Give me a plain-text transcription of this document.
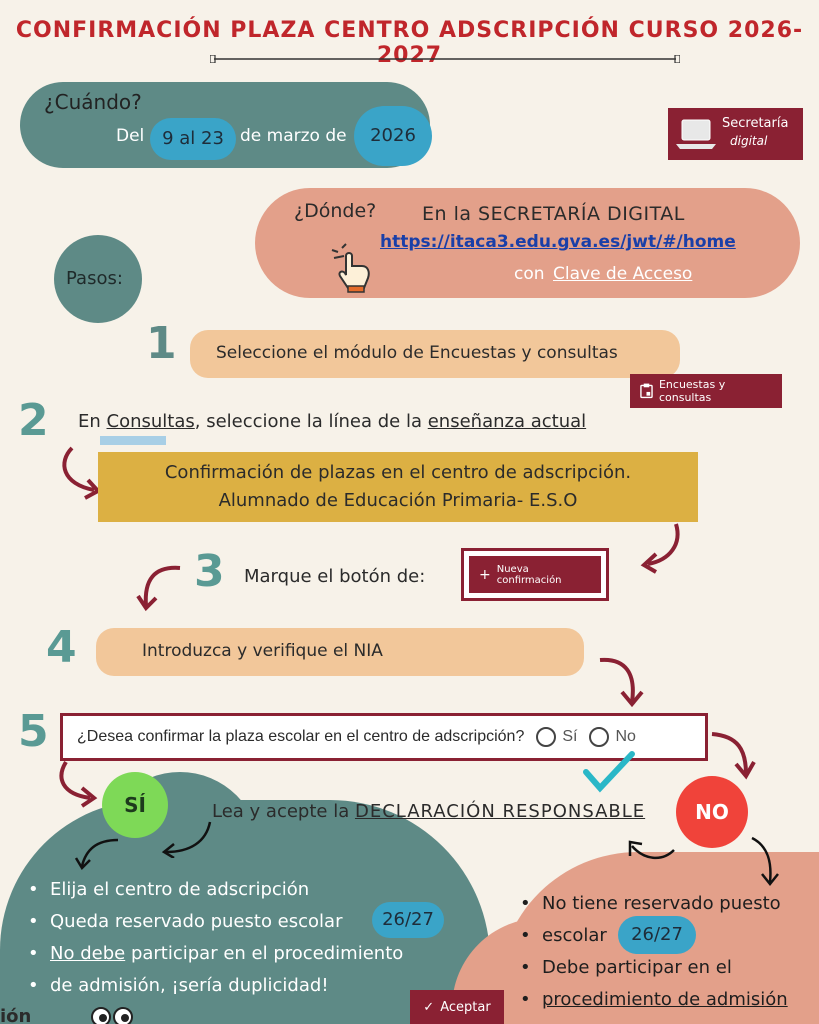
CONFIRMACIÓN PLAZA CENTRO ADSCRIPCIÓN CURSO 2026-2027
¿Cuándo?
Del 9 al 23 de marzo de	2026
Secretaría
digital
¿Dónde? En la SECRETARÍA DIGITAL
https://itaca3.edu.gva.es/jwt/#/home
con Clave de Acceso
Pasos:
1 Seleccione el módulo de Encuestas y consultas
Encuestas y consultas
2 En Consultas, seleccione la línea de la enseñanza actual
Confirmación de plazas en el centro de adscripción.
Alumnado de Educación Primaria- E.S.O
3 Marque el botón de:	+ Nueva confirmación
4	Introduzca y verifique el NIA
5 ¿Desea confirmar la plaza escolar en el centro de adscripción? Sí No
SÍ	Lea y acepte la DECLARACIÓN RESPONSABLE
• Elija el centro de adscripción
• Queda reservado puesto escolar
• No debe participar en el procedimiento
• de admisión, ¡sería duplicidad!
26/27
✓ Aceptar
NO
• No tiene reservado puesto
• escolar
• Debe participar en el
• procedimiento de admisión
26/27
ión
